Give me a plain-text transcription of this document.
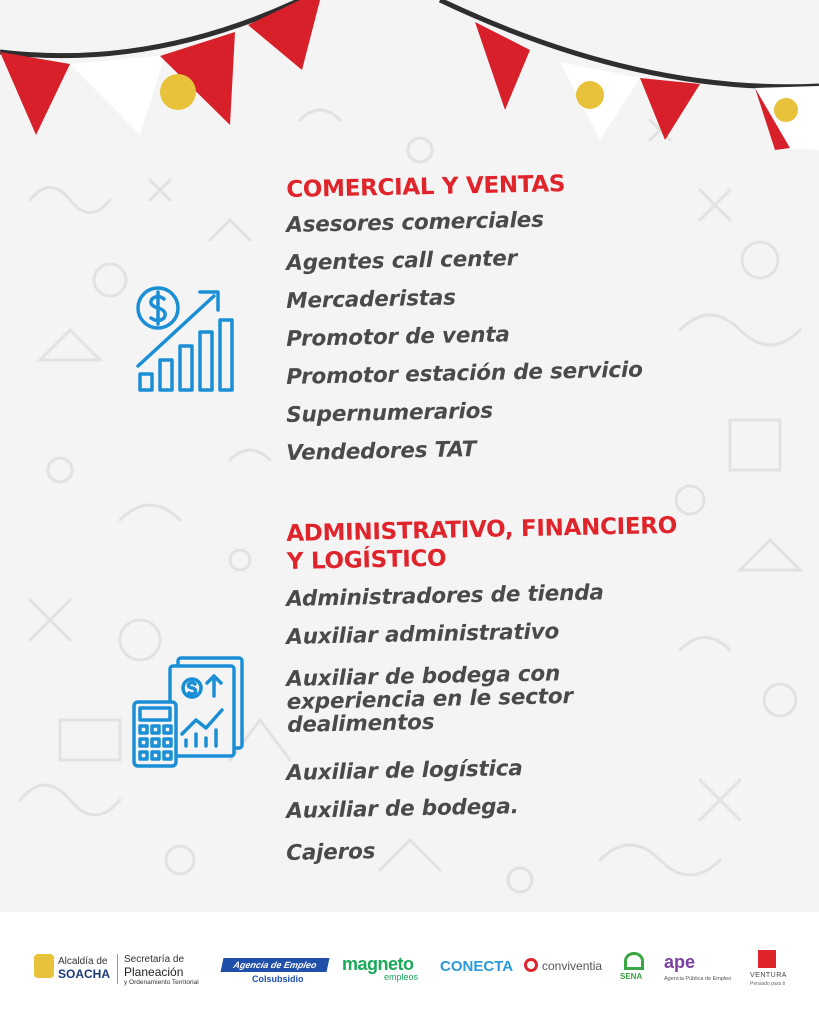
COMERCIAL Y VENTAS
Asesores comerciales
Agentes call center
Mercaderistas
Promotor de venta
Promotor estación de servicio
Supernumerarios
Vendedores TAT
ADMINISTRATIVO, FINANCIERO
Y LOGÍSTICO
Administradores de tienda
Auxiliar administrativo
Auxiliar de bodega con experiencia en le sector dealimentos
Auxiliar de logística
Auxiliar de bodega.
Cajeros
Alcaldía de
SOACHA
Secretaría de
Planeación
y Ordenamiento Territorial
Agencia de Empleo
Colsubsidio
magneto
empleos
CONECTA conviventia
SENA
ape
Agencia Pública de Empleo	VENTURA
Pensado para ti
